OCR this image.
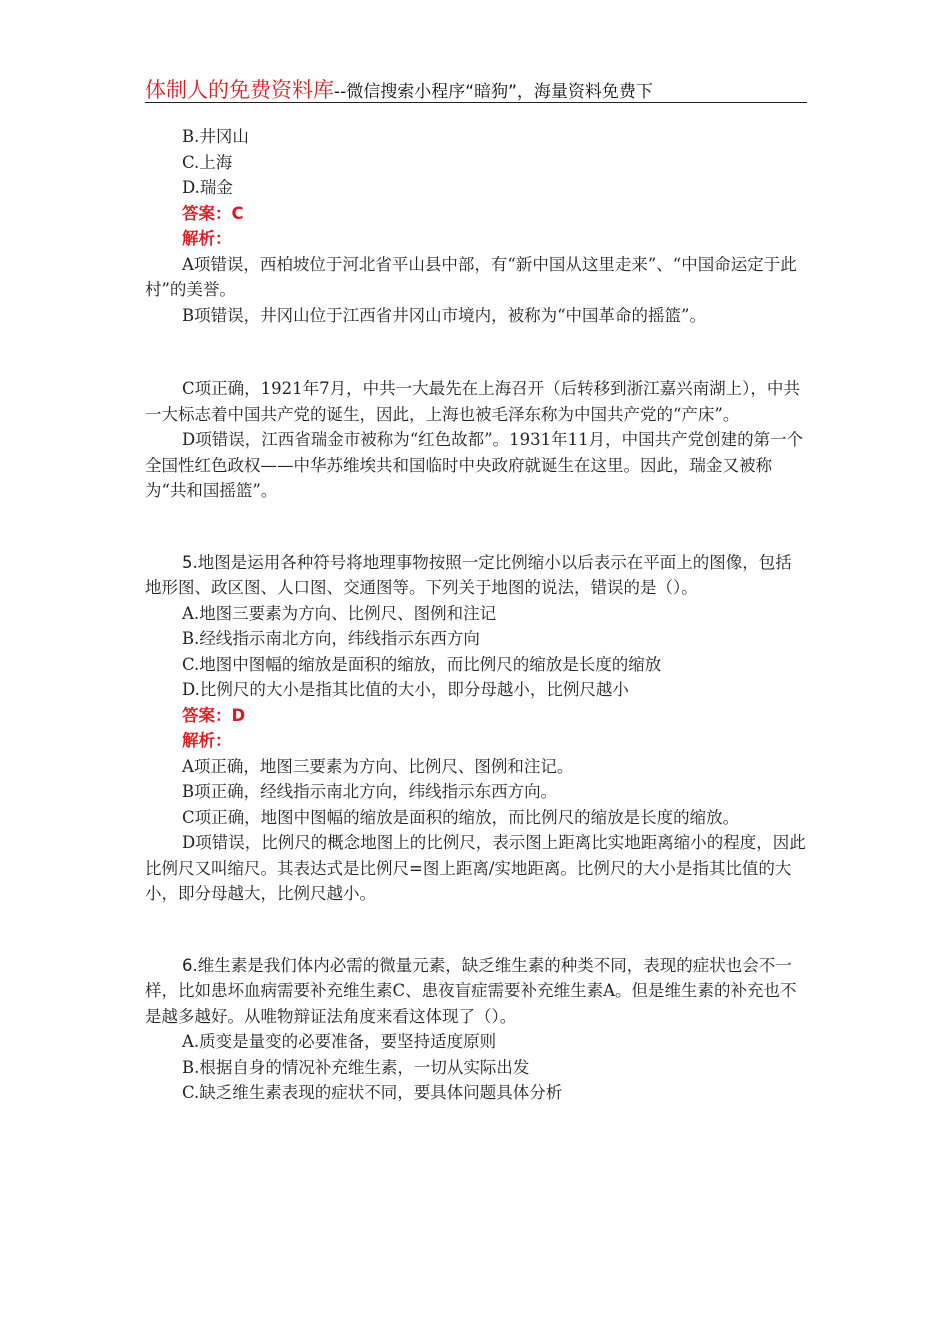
体制人的免费资料库--微信搜索小程序“暗狗”，海量资料免费下

B.井冈山

C.上海

D.瑞金

答案：C

解析：

A项错误，西柏坡位于河北省平山县中部，有“新中国从这里走来”、“中国命运定于此村”的美誉。

B项错误，井冈山位于江西省井冈山市境内，被称为“中国革命的摇篮”。

C项正确，1921年7月，中共一大最先在上海召开（后转移到浙江嘉兴南湖上），中共一大标志着中国共产党的诞生，因此，上海也被毛泽东称为中国共产党的“产床”。

D项错误，江西省瑞金市被称为“红色故都”。1931年11月，中国共产党创建的第一个全国性红色政权——中华苏维埃共和国临时中央政府就诞生在这里。因此，瑞金又被称为“共和国摇篮”。

5.地图是运用各种符号将地理事物按照一定比例缩小以后表示在平面上的图像，包括地形图、政区图、人口图、交通图等。下列关于地图的说法，错误的是（）。

A.地图三要素为方向、比例尺、图例和注记

B.经线指示南北方向，纬线指示东西方向

C.地图中图幅的缩放是面积的缩放，而比例尺的缩放是长度的缩放

D.比例尺的大小是指其比值的大小，即分母越小，比例尺越小

答案：D

解析：

A项正确，地图三要素为方向、比例尺、图例和注记。

B项正确，经线指示南北方向，纬线指示东西方向。

C项正确，地图中图幅的缩放是面积的缩放，而比例尺的缩放是长度的缩放。

D项错误，比例尺的概念地图上的比例尺，表示图上距离比实地距离缩小的程度，因此比例尺又叫缩尺。其表达式是比例尺=图上距离/实地距离。比例尺的大小是指其比值的大小，即分母越大，比例尺越小。

6.维生素是我们体内必需的微量元素，缺乏维生素的种类不同，表现的症状也会不一样，比如患坏血病需要补充维生素C、患夜盲症需要补充维生素A。但是维生素的补充也不是越多越好。从唯物辩证法角度来看这体现了（）。

A.质变是量变的必要准备，要坚持适度原则

B.根据自身的情况补充维生素，一切从实际出发

C.缺乏维生素表现的症状不同，要具体问题具体分析
